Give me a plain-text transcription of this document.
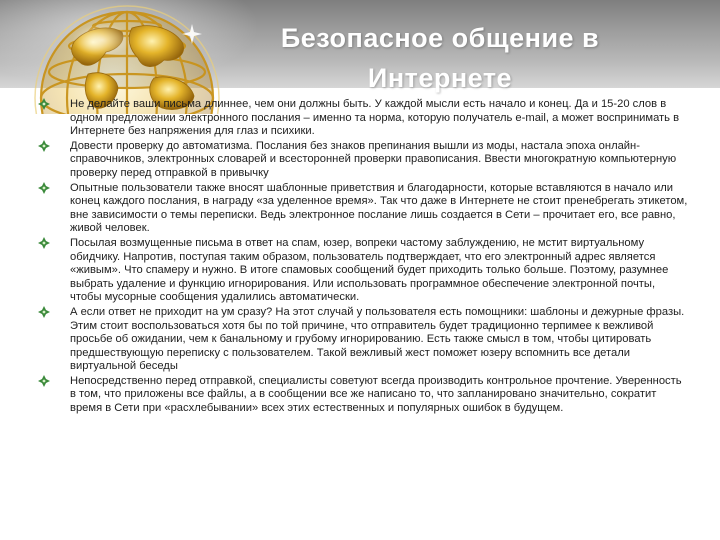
Безопасное общение в
Интернете
Не делайте ваши письма длиннее, чем они должны быть. У каждой мысли есть начало и конец. Да и 15-20 слов в одном предложении электронного послания – именно та норма, которую получатель e-mail, а может воспринимать в Интернете без напряжения для глаз и психики.
Довести проверку до автоматизма. Послания без знаков препинания вышли из моды, настала эпоха онлайн-справочников, электронных словарей и всесторонней проверки правописания. Ввести многократную компьютерную проверку перед отправкой в привычку
Опытные пользователи также вносят шаблонные приветствия и благодарности, которые вставляются в начало или конец каждого послания, в награду «за уделенное время». Так что даже в Интернете не стоит пренебрегать этикетом, вне зависимости о темы переписки. Ведь электронное послание лишь создается в Сети – прочитает его, все равно, живой человек.
Посылая возмущенные письма в ответ на спам, юзер, вопреки частому заблуждению, не мстит виртуальному обидчику. Напротив, поступая таким образом, пользователь подтверждает, что его электронный адрес является «живым». Что спамеру и нужно. В итоге спамовых сообщений будет приходить только больше. Поэтому, разумнее выбрать удаление и функцию игнорирования. Или использовать программное обеспечение электронной почты, чтобы мусорные сообщения удалились автоматически.
А если ответ не приходит на ум сразу? На этот случай у пользователя есть помощники: шаблоны и дежурные фразы. Этим стоит воспользоваться хотя бы по той причине, что отправитель будет традиционно терпимее к вежливой просьбе об ожидании, чем к банальному и грубому игнорированию. Есть также смысл в том, чтобы цитировать предшествующую переписку с пользователем. Такой вежливый жест поможет юзеру вспомнить все детали виртуальной беседы
Непосредственно перед отправкой, специалисты советуют всегда производить контрольное прочтение. Уверенность в том, что приложены все файлы, а в сообщении все же написано то, что запланировано значительно, сократит время в Сети при «расхлебывании» всех этих естественных и популярных ошибок в будущем.
